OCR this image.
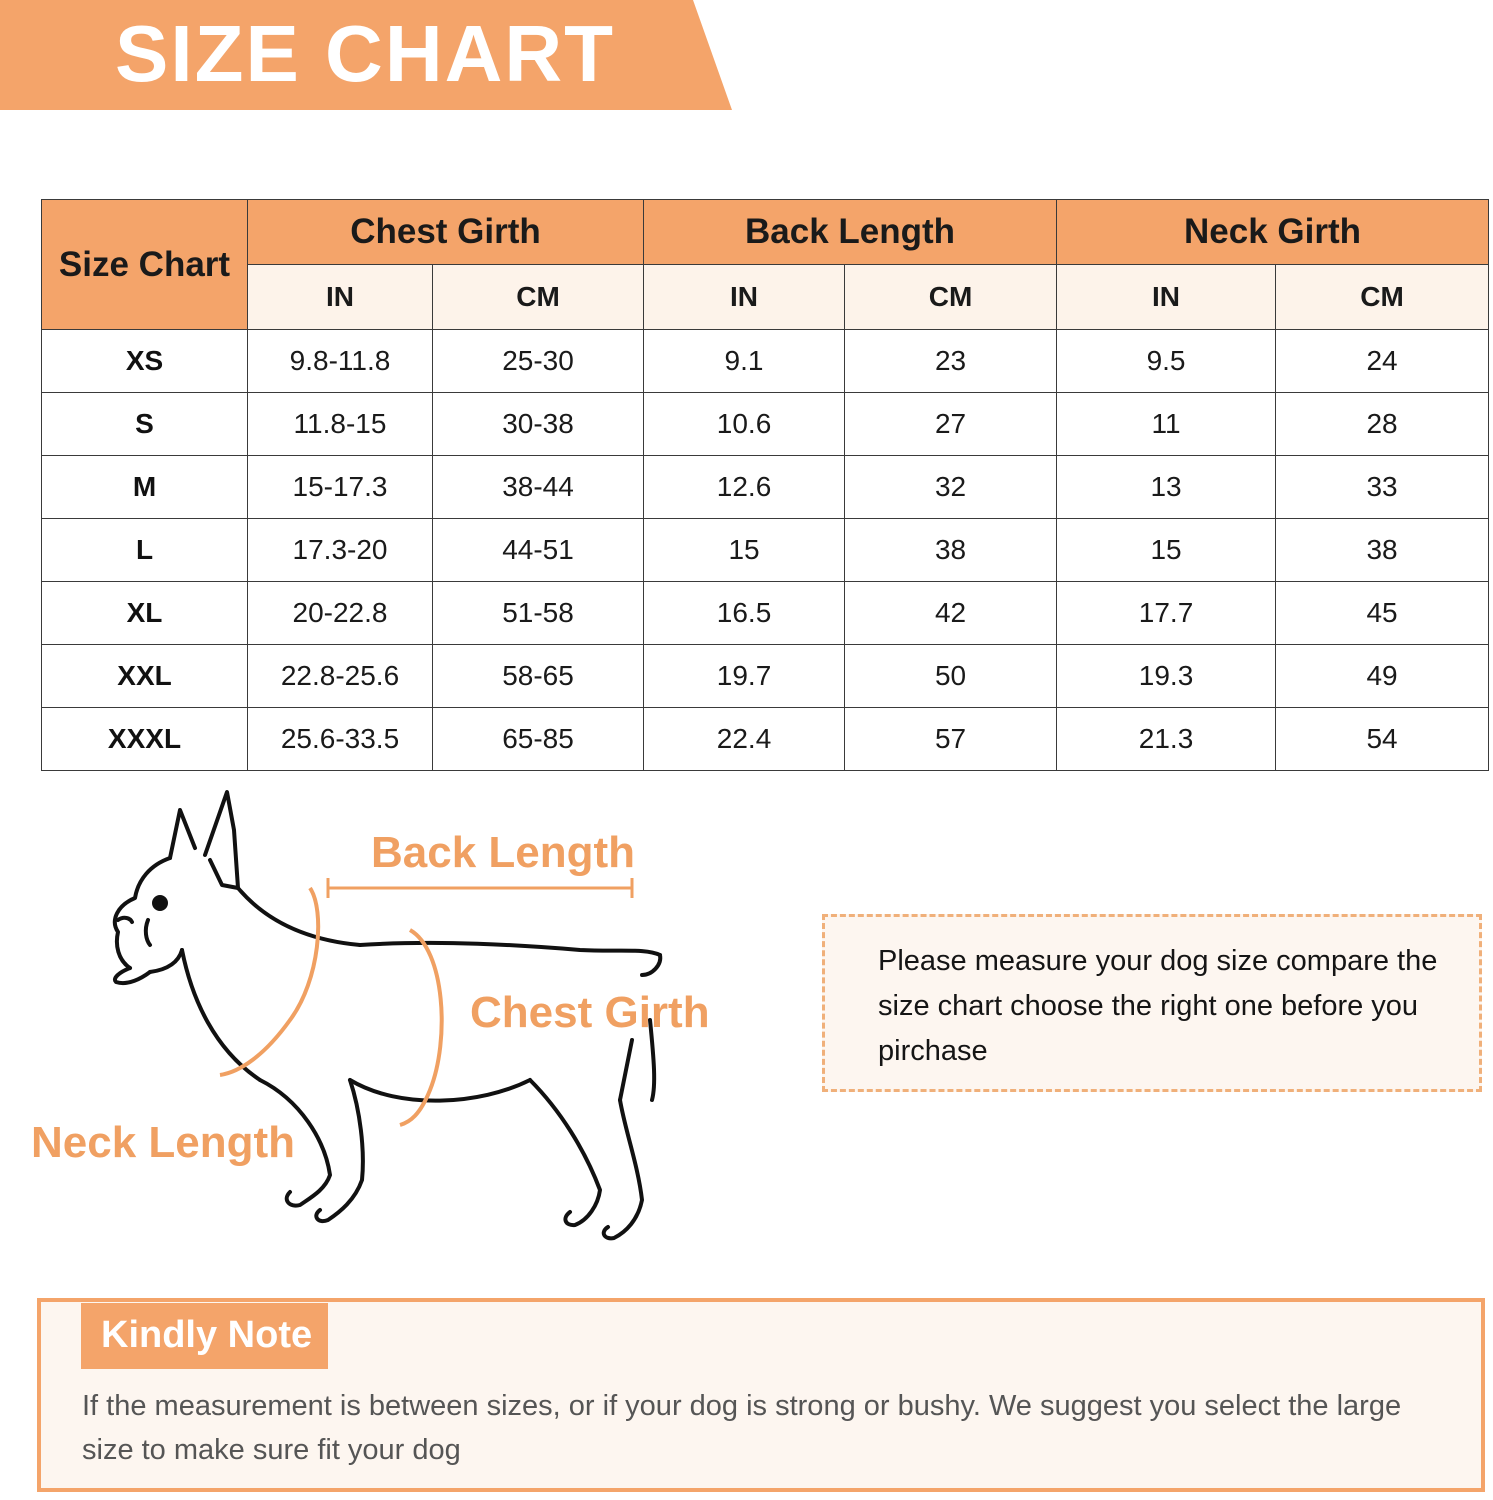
SIZE CHART
Size Chart	Chest Girth		Back Length		Neck Girth	
	IN	CM	IN	CM	IN	CM
XS	9.8-11.8	25-30	9.1	23	9.5	24
S	11.8-15	30-38	10.6	27	11	28
M	15-17.3	38-44	12.6	32	13	33
L	17.3-20	44-51	15	38	15	38
XL	20-22.8	51-58	16.5	42	17.7	45
XXL	22.8-25.6	58-65	19.7	50	19.3	49
XXXL	25.6-33.5	65-85	22.4	57	21.3	54
Back Length
Chest Girth
Neck Length
Please measure your dog size compare the size chart choose the right one before you pirchase
Kindly Note
If the measurement is between sizes, or if your dog is strong or bushy. We suggest you select the large size to make sure fit your dog
